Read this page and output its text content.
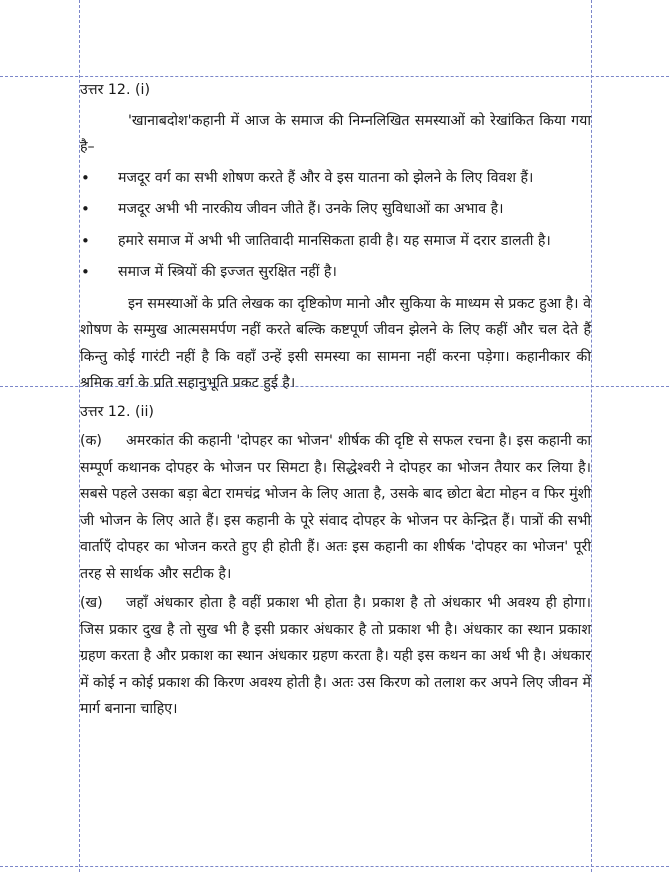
उत्तर 12. (i)

'खानाबदोश'कहानी में आज के समाज की निम्नलिखित समस्याओं को रेखांकित किया गया है–

• मजदूर वर्ग का सभी शोषण करते हैं और वे इस यातना को झेलने के लिए विवश हैं।
• मजदूर अभी भी नारकीय जीवन जीते हैं। उनके लिए सुविधाओं का अभाव है।
• हमारे समाज में अभी भी जातिवादी मानसिकता हावी है। यह समाज में दरार डालती है।
• समाज में स्त्रियों की इज्जत सुरक्षित नहीं है।

इन समस्याओं के प्रति लेखक का दृष्टिकोण मानो और सुकिया के माध्यम से प्रकट हुआ है। वे शोषण के सम्मुख आत्मसमर्पण नहीं करते बल्कि कष्टपूर्ण जीवन झेलने के लिए कहीं और चल देते हैं किन्तु कोई गारंटी नहीं है कि वहाँ उन्हें इसी समस्या का सामना नहीं करना पड़ेगा। कहानीकार की श्रमिक वर्ग के प्रति सहानुभूति प्रकट हुई है।

उत्तर 12. (ii)

(क) अमरकांत की कहानी 'दोपहर का भोजन' शीर्षक की दृष्टि से सफल रचना है। इस कहानी का सम्पूर्ण कथानक दोपहर के भोजन पर सिमटा है। सिद्धेश्वरी ने दोपहर का भोजन तैयार कर लिया है। सबसे पहले उसका बड़ा बेटा रामचंद्र भोजन के लिए आता है, उसके बाद छोटा बेटा मोहन व फिर मुंशी जी भोजन के लिए आते हैं। इस कहानी के पूरे संवाद दोपहर के भोजन पर केन्द्रित हैं। पात्रों की सभी वार्ताएँ दोपहर का भोजन करते हुए ही होती हैं। अतः इस कहानी का शीर्षक 'दोपहर का भोजन' पूरी तरह से सार्थक और सटीक है।

(ख) जहाँ अंधकार होता है वहीं प्रकाश भी होता है। प्रकाश है तो अंधकार भी अवश्य ही होगा। जिस प्रकार दुख है तो सुख भी है इसी प्रकार अंधकार है तो प्रकाश भी है। अंधकार का स्थान प्रकाश ग्रहण करता है और प्रकाश का स्थान अंधकार ग्रहण करता है। यही इस कथन का अर्थ भी है। अंधकार में कोई न कोई प्रकाश की किरण अवश्य होती है। अतः उस किरण को तलाश कर अपने लिए जीवन में मार्ग बनाना चाहिए।
